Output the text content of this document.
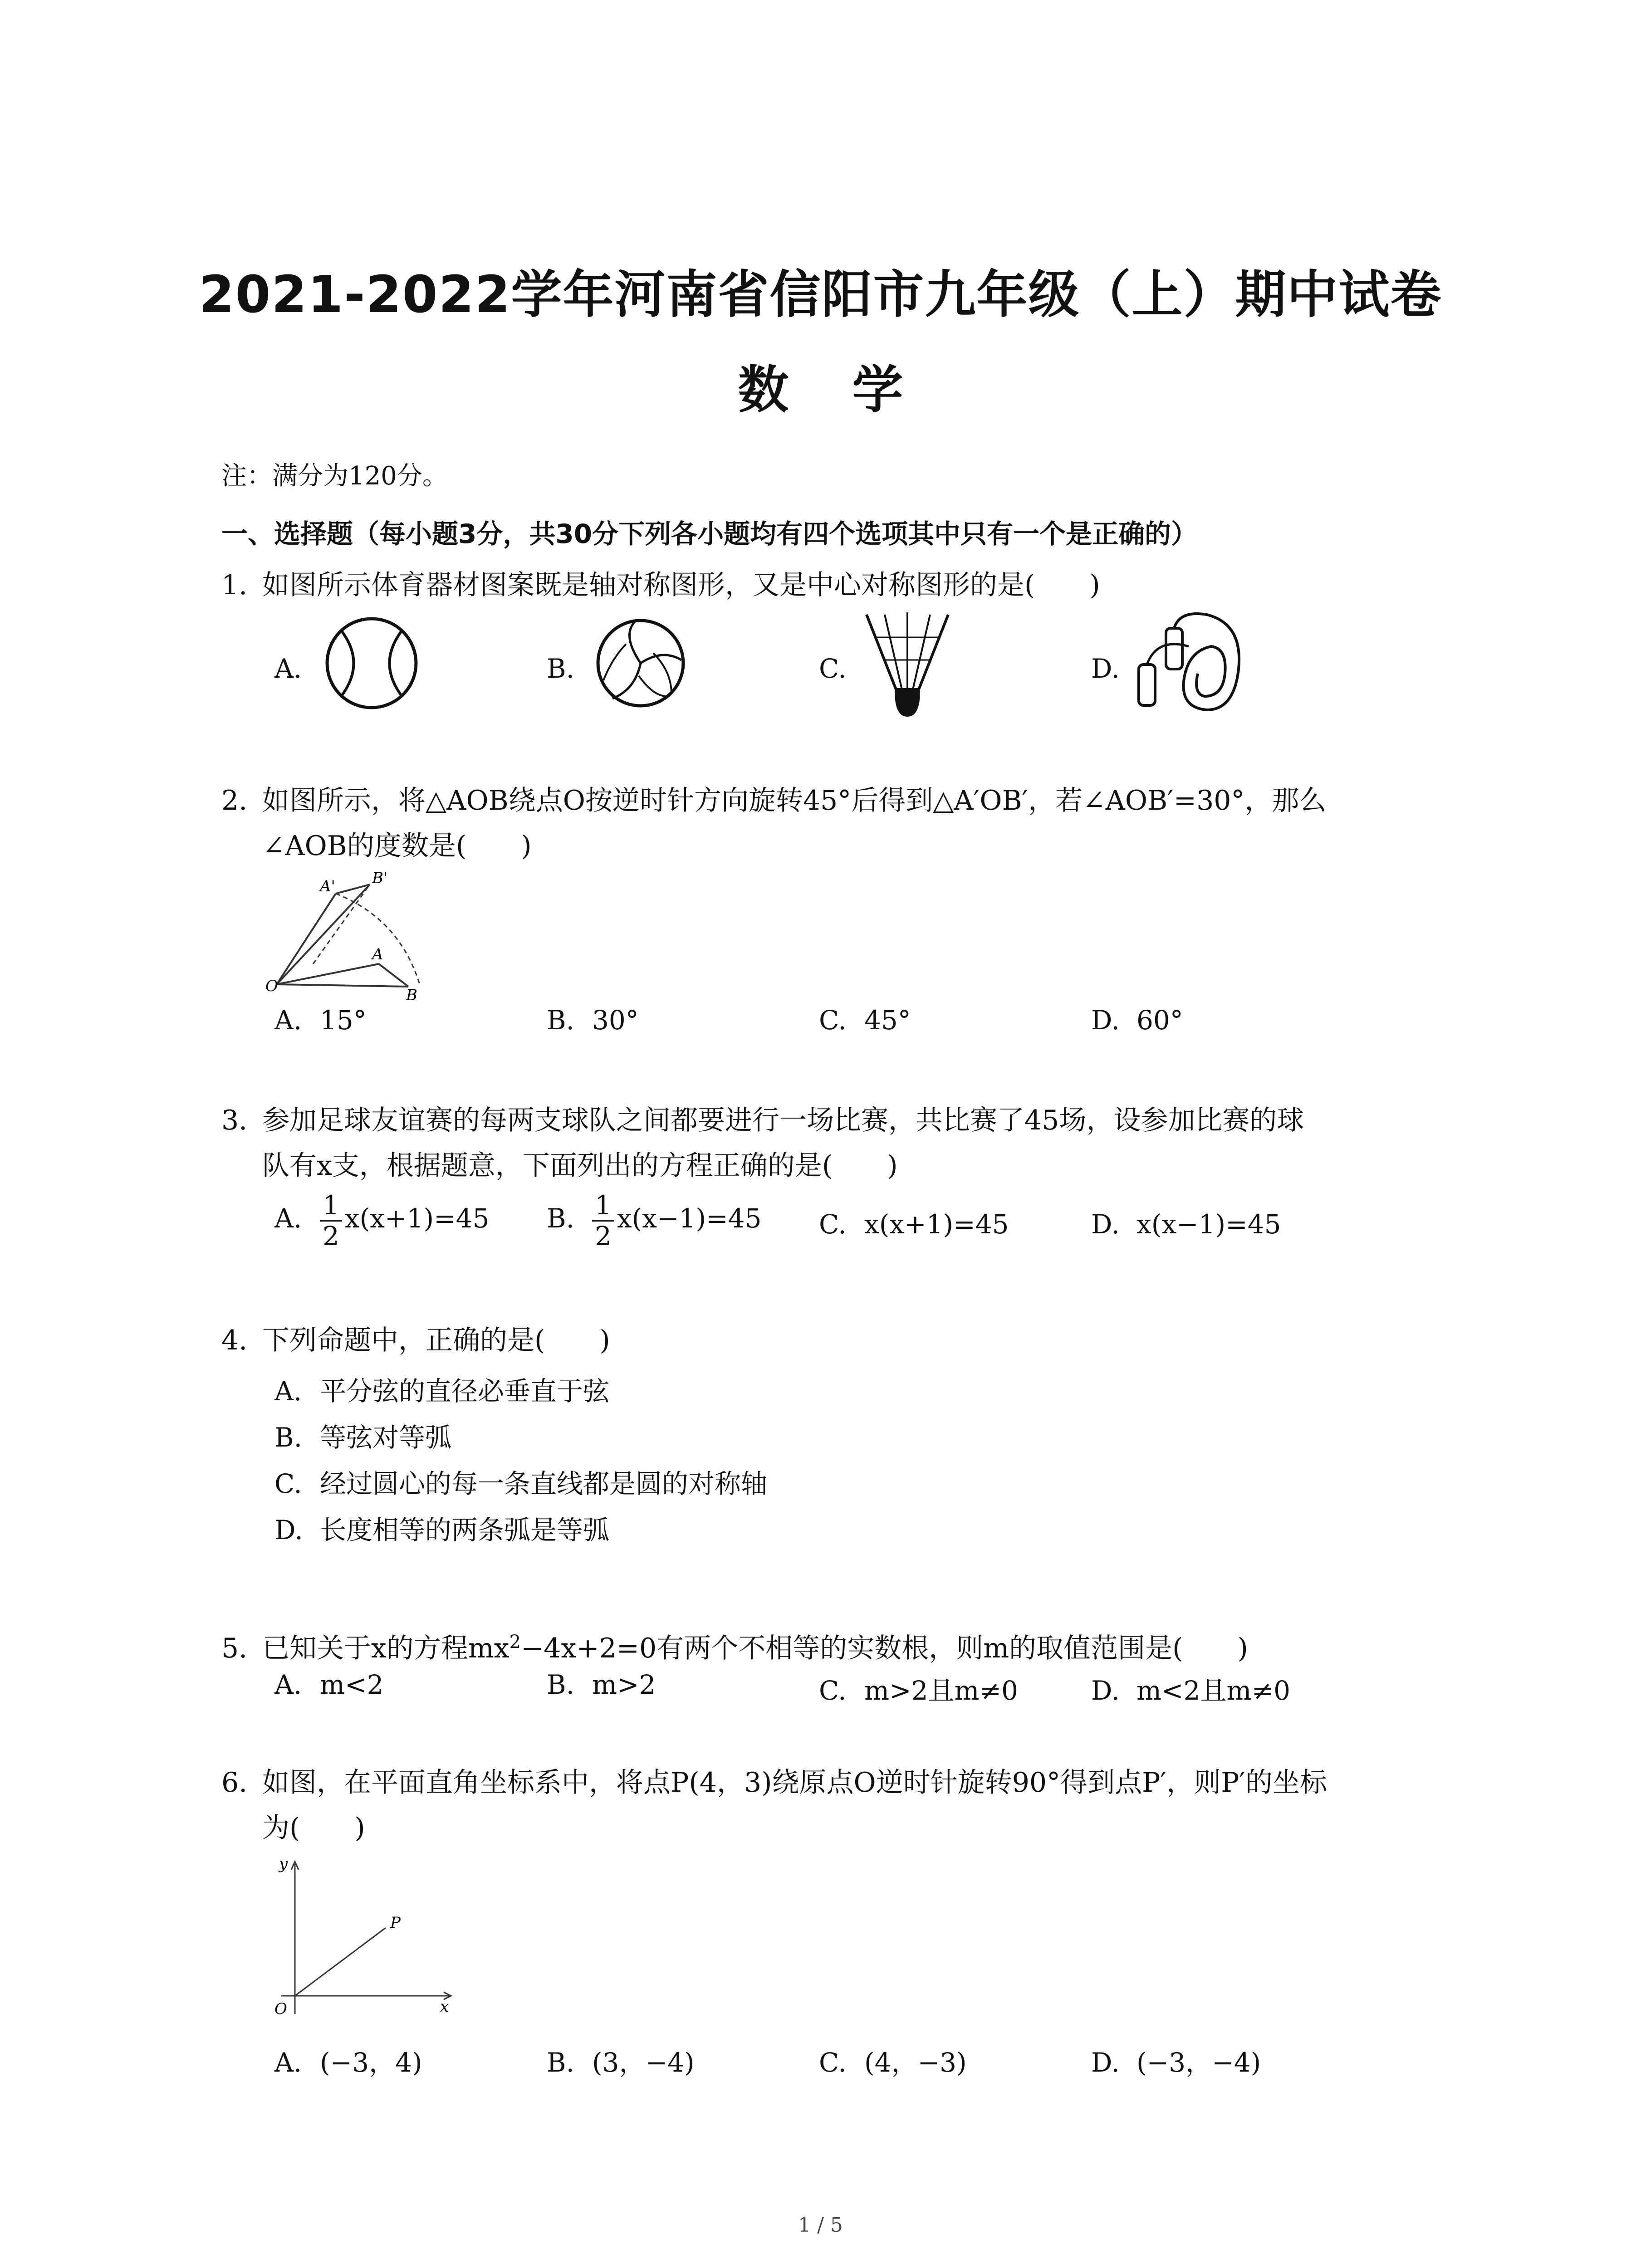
2021-2022学年河南省信阳市九年级（上）期中试卷
数学
注：满分为120分。
一、选择题（每小题3分，共30分下列各小题均有四个选项其中只有一个是正确的）
1. 如图所示体育器材图案既是轴对称图形，又是中心对称图形的是(　　)
A.	B.	C.	D.
2. 如图所示，将△AOB绕点O按逆时针方向旋转45°后得到△A′OB′，若∠AOB′=30°，那么
∠AOB的度数是(　　)
A' B'
A
O	B
A. 15°	B. 30°	C. 45°	D. 60°
3. 参加足球友谊赛的每两支球队之间都要进行一场比赛，共比赛了45场，设参加比赛的球
队有x支，根据题意，下面列出的方程正确的是(　　)
A. $\frac{1}{2} x(x+1)=45$ B. $\frac{1}{2} x(x-1)=45$ C. x(x+1)=45	D. x(x−1)=45
4. 下列命题中，正确的是(　　)
A. 平分弦的直径必垂直于弦
B. 等弦对等弧
C. 经过圆心的每一条直线都是圆的对称轴
D. 长度相等的两条弧是等弧
5. 已知关于x的方程$mx^2-4x+2=0$有两个不相等的实数根，则m的取值范围是(　　)
A. m<2	B. m>2	C. m>2且m≠0	D. m<2且m≠0
6. 如图，在平面直角坐标系中，将点P(4，3)绕原点O逆时针旋转90°得到点P′，则P′的坐标
为(　　)
y
x
O
P
A. (−3，4)	B. (3，−4)	C. (4，−3)	D. (−3，−4)
1 / 5
